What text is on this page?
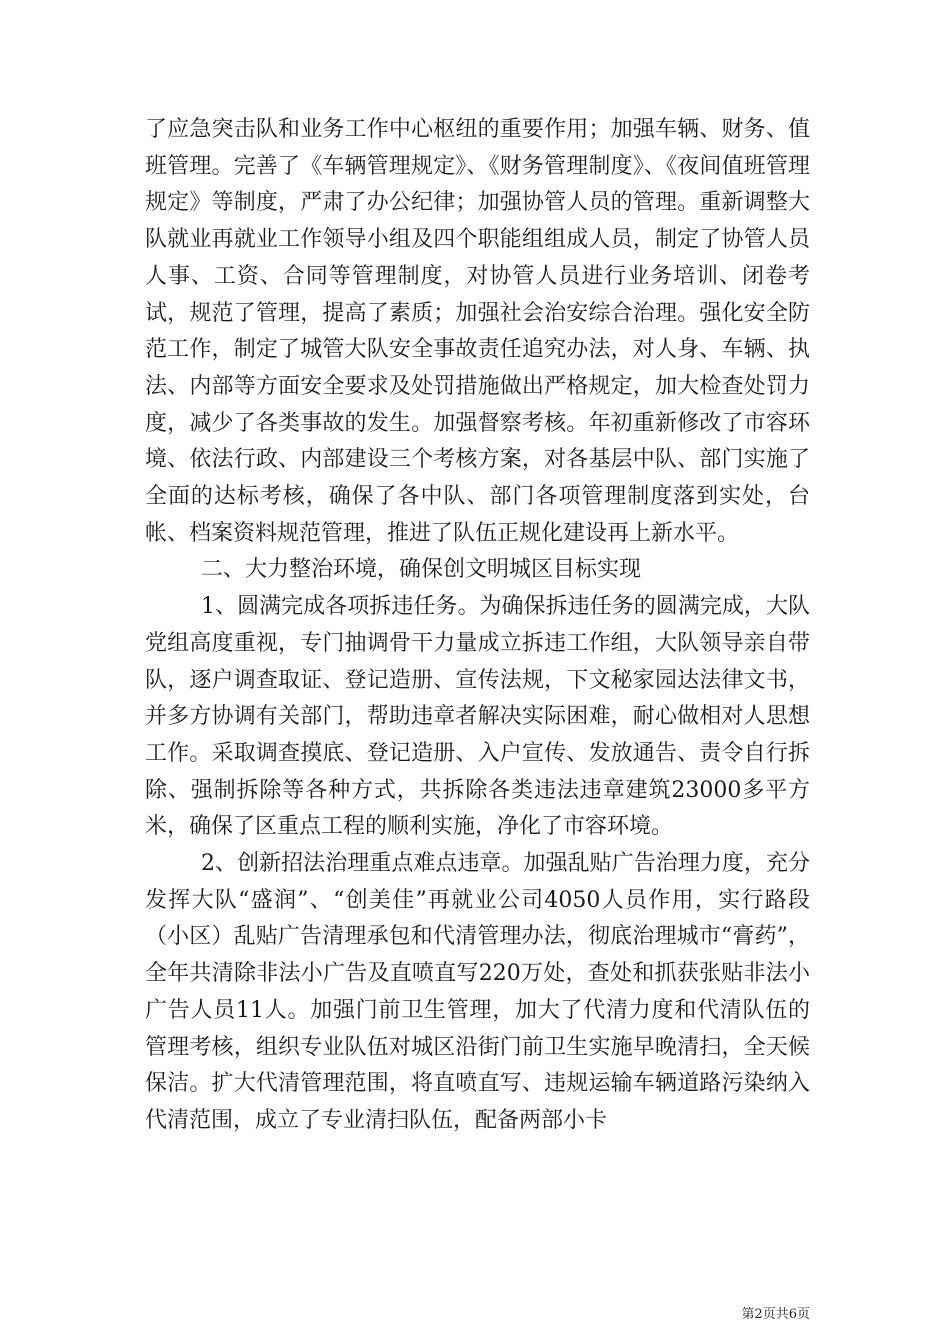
了应急突击队和业务工作中心枢纽的重要作用；加强车辆、财务、值班管理。完善了《车辆管理规定》、《财务管理制度》、《夜间值班管理规定》等制度，严肃了办公纪律；加强协管人员的管理。重新调整大队就业再就业工作领导小组及四个职能组组成人员，制定了协管人员人事、工资、合同等管理制度，对协管人员进行业务培训、闭卷考试，规范了管理，提高了素质；加强社会治安综合治理。强化安全防范工作，制定了城管大队安全事故责任追究办法，对人身、车辆、执法、内部等方面安全要求及处罚措施做出严格规定，加大检查处罚力度，减少了各类事故的发生。加强督察考核。年初重新修改了市容环境、依法行政、内部建设三个考核方案，对各基层中队、部门实施了全面的达标考核，确保了各中队、部门各项管理制度落到实处，台帐、档案资料规范管理，推进了队伍正规化建设再上新水平。

二、大力整治环境，确保创文明城区目标实现

1、圆满完成各项拆违任务。为确保拆违任务的圆满完成，大队党组高度重视，专门抽调骨干力量成立拆违工作组，大队领导亲自带队，逐户调查取证、登记造册、宣传法规，下文秘家园达法律文书，并多方协调有关部门，帮助违章者解决实际困难，耐心做相对人思想工作。采取调查摸底、登记造册、入户宣传、发放通告、责令自行拆除、强制拆除等各种方式，共拆除各类违法违章建筑23000多平方米，确保了区重点工程的顺利实施，净化了市容环境。

2、创新招法治理重点难点违章。加强乱贴广告治理力度，充分发挥大队“盛润”、“创美佳”再就业公司4050人员作用，实行路段（小区）乱贴广告清理承包和代清管理办法，彻底治理城市“膏药”，全年共清除非法小广告及直喷直写220万处，查处和抓获张贴非法小广告人员11人。加强门前卫生管理，加大了代清力度和代清队伍的管理考核，组织专业队伍对城区沿街门前卫生实施早晚清扫，全天候保洁。扩大代清管理范围，将直喷直写、违规运输车辆道路污染纳入代清范围，成立了专业清扫队伍，配备两部小卡

第2页共6页
